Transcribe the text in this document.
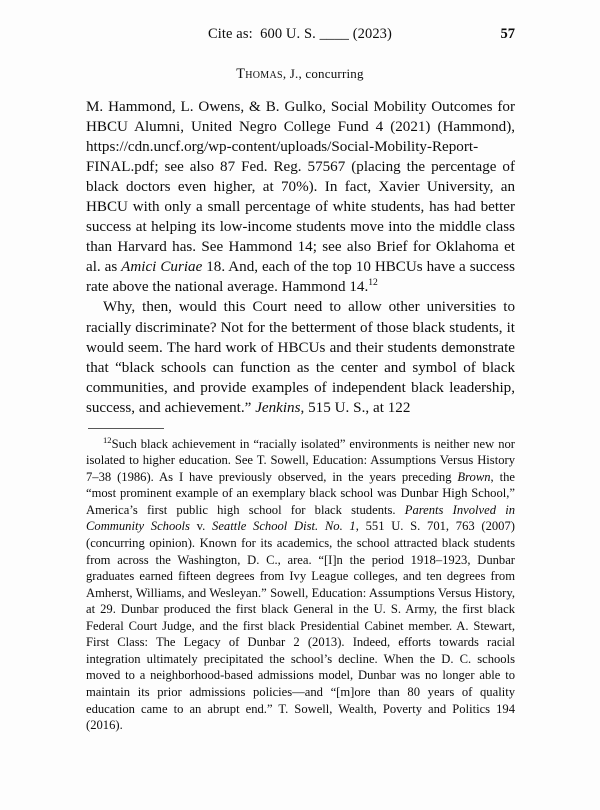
Cite as:  600 U. S. ____ (2023)	57
Thomas, J., concurring

M. Hammond, L. Owens, & B. Gulko, Social Mobility Outcomes for HBCU Alumni, United Negro College Fund 4 (2021) (Hammond), https://cdn.uncf.org/wp-content/uploads/Social-Mobility-Report-FINAL.pdf; see also 87 Fed. Reg. 57567 (placing the percentage of black doctors even higher, at 70%). In fact, Xavier University, an HBCU with only a small percentage of white students, has had better success at helping its low-income students move into the middle class than Harvard has. See Hammond 14; see also Brief for Oklahoma et al. as Amici Curiae 18. And, each of the top 10 HBCUs have a success rate above the national average. Hammond 14.12

Why, then, would this Court need to allow other universities to racially discriminate? Not for the betterment of those black students, it would seem. The hard work of HBCUs and their students demonstrate that “black schools can function as the center and symbol of black communities, and provide examples of independent black leadership, success, and achievement.” Jenkins, 515 U. S., at 122

$^{12}$Such black achievement in “racially isolated” environments is neither new nor isolated to higher education. See T. Sowell, Education: Assumptions Versus History 7–38 (1986). As I have previously observed, in the years preceding Brown, the “most prominent example of an exemplary black school was Dunbar High School,” America’s first public high school for black students. Parents Involved in Community Schools v. Seattle School Dist. No. 1, 551 U. S. 701, 763 (2007) (concurring opinion). Known for its academics, the school attracted black students from across the Washington, D. C., area. “[I]n the period 1918–1923, Dunbar graduates earned fifteen degrees from Ivy League colleges, and ten degrees from Amherst, Williams, and Wesleyan.” Sowell, Education: Assumptions Versus History, at 29. Dunbar produced the first black General in the U. S. Army, the first black Federal Court Judge, and the first black Presidential Cabinet member. A. Stewart, First Class: The Legacy of Dunbar 2 (2013). Indeed, efforts towards racial integration ultimately precipitated the school’s decline. When the D. C. schools moved to a neighborhood-based admissions model, Dunbar was no longer able to maintain its prior admissions policies—and “[m]ore than 80 years of quality education came to an abrupt end.” T. Sowell, Wealth, Poverty and Politics 194 (2016).
